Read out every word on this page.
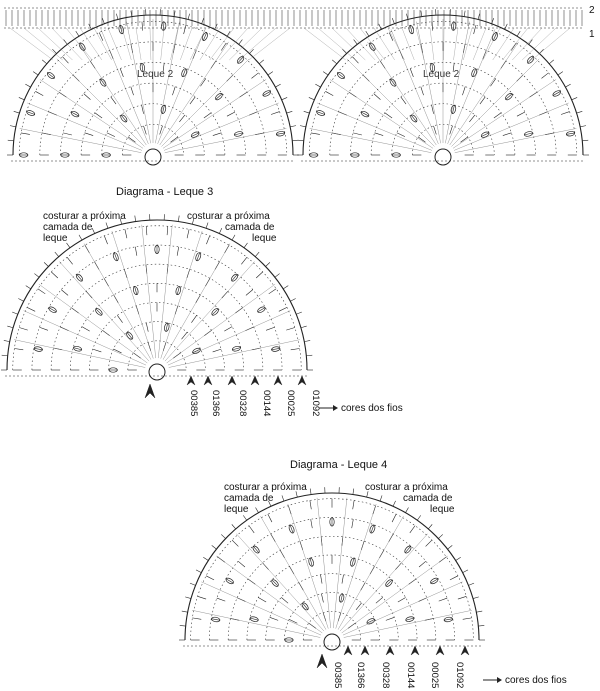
2
1
Leque 2	Leque 2
Diagrama - Leque 3
costurar a próxima
camada de
leque
costurar a próxima
camada de
leque
00385 01366 00328 00144 00025 01092 cores dos fios
Diagrama - Leque 4
costurar a próxima
camada de
leque
costurar a próxima
camada de
leque
00385 01366 00328 00144 00025 01092	cores dos fios
